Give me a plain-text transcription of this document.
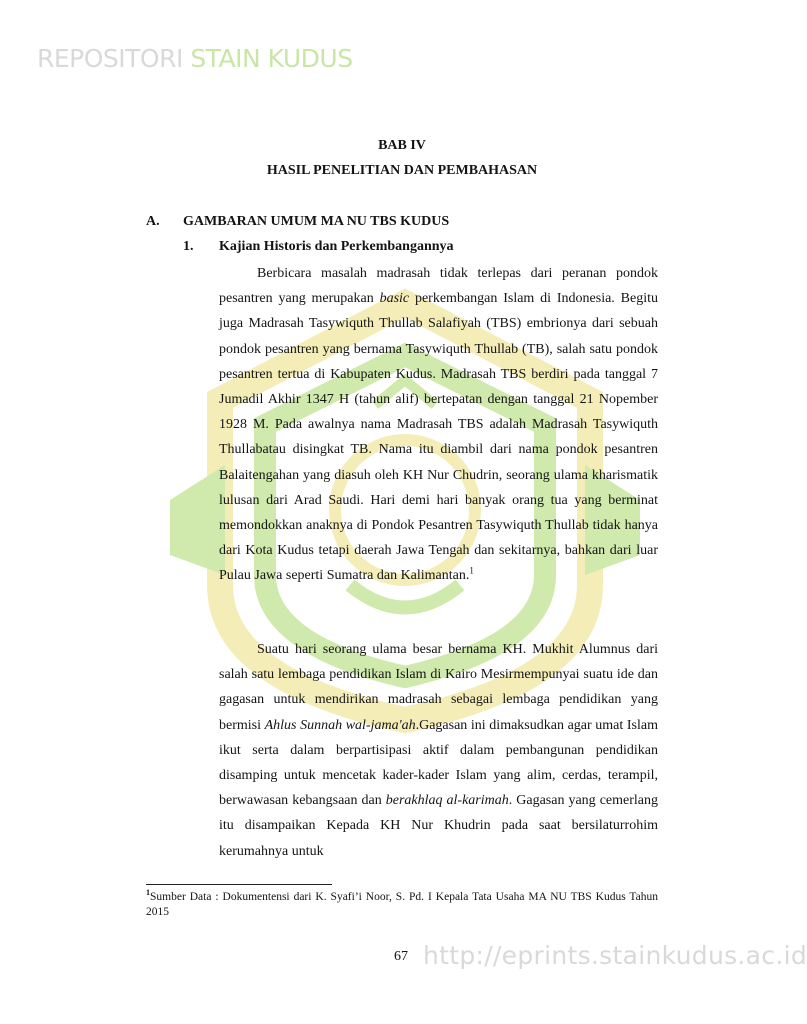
REPOSITORI STAIN KUDUS
BAB IV
HASIL PENELITIAN DAN PEMBAHASAN
A. GAMBARAN UMUM MA NU TBS KUDUS
1. Kajian Historis dan Perkembangannya
Berbicara masalah madrasah tidak terlepas dari peranan pondok pesantren yang merupakan basic perkembangan Islam di Indonesia. Begitu juga Madrasah Tasywiquth Thullab Salafiyah (TBS) embrionya dari sebuah pondok pesantren yang bernama Tasywiquth Thullab (TB), salah satu pondok pesantren tertua di Kabupaten Kudus. Madrasah TBS berdiri pada tanggal 7 Jumadil Akhir 1347 H (tahun alif) bertepatan dengan tanggal 21 Nopember 1928 M. Pada awalnya nama Madrasah TBS adalah Madrasah Tasywiquth Thullabatau disingkat TB. Nama itu diambil dari nama pondok pesantren Balaitengahan yang diasuh oleh KH Nur Chudrin, seorang ulama kharismatik lulusan dari Arad Saudi. Hari demi hari banyak orang tua yang berminat memondokkan anaknya di Pondok Pesantren Tasywiquth Thullab tidak hanya dari Kota Kudus tetapi daerah Jawa Tengah dan sekitarnya, bahkan dari luar Pulau Jawa seperti Sumatra dan Kalimantan.$^1$
Suatu hari seorang ulama besar bernama KH. Mukhit Alumnus dari salah satu lembaga pendidikan Islam di Kairo Mesirmempunyai suatu ide dan gagasan untuk mendirikan madrasah sebagai lembaga pendidikan yang bermisi Ahlus Sunnah wal-jama'ah.Gagasan ini dimaksudkan agar umat Islam ikut serta dalam berpartisipasi aktif dalam pembangunan pendidikan disamping untuk mencetak kader-kader Islam yang alim, cerdas, terampil, berwawasan kebangsaan dan berakhlaq al-karimah. Gagasan yang cemerlang itu disampaikan Kepada KH Nur Khudrin pada saat bersilaturrohim kerumahnya untuk
$^1$Sumber Data : Dokumentensi dari K. Syafi’i Noor, S. Pd. I Kepala Tata Usaha MA NU TBS Kudus Tahun 2015
67 http://eprints.stainkudus.ac.id
